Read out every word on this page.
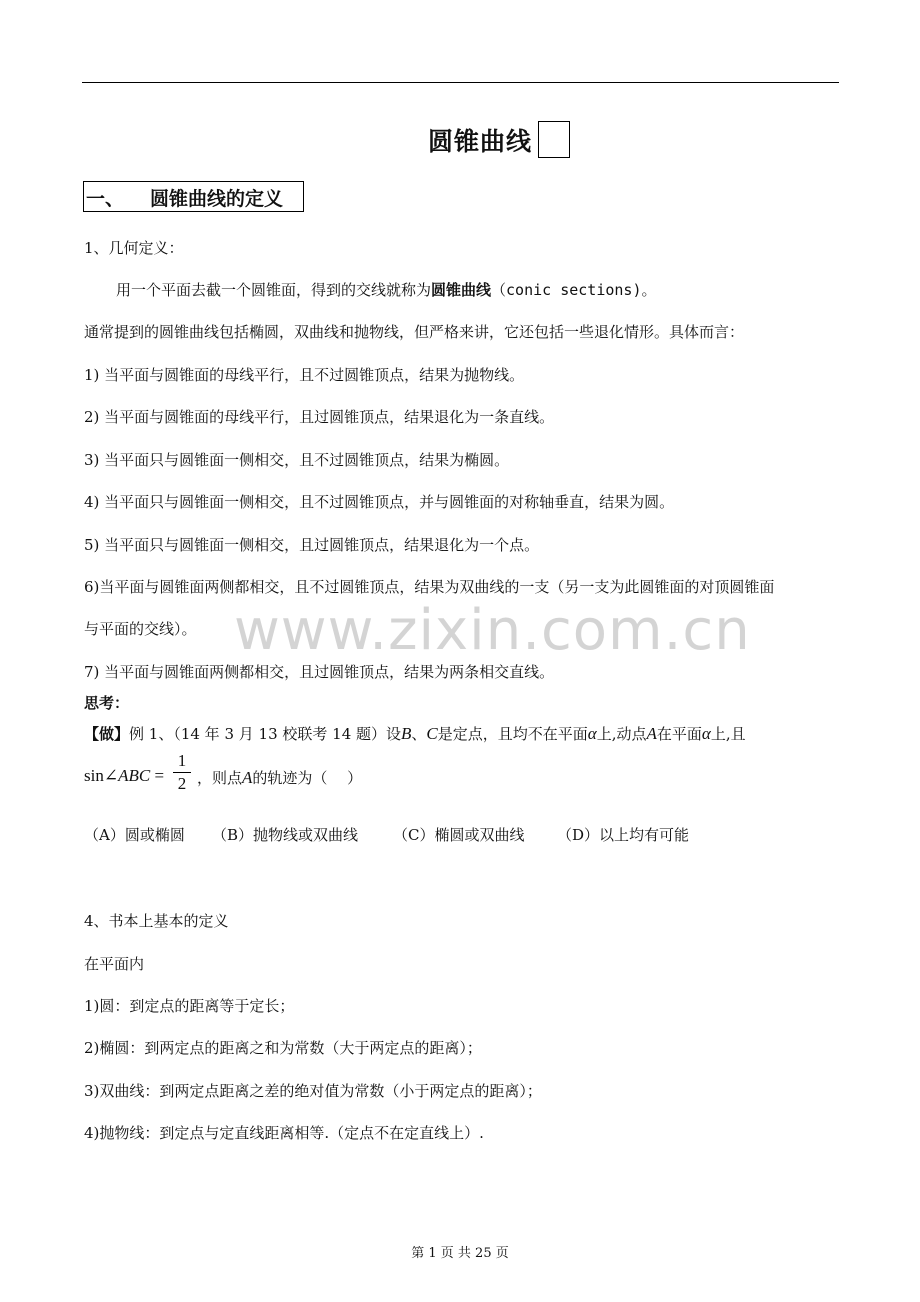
圆锥曲线
一、 圆锥曲线的定义
1、几何定义：
用一个平面去截一个圆锥面，得到的交线就称为圆锥曲线（conic sections)。
通常提到的圆锥曲线包括椭圆，双曲线和抛物线，但严格来讲，它还包括一些退化情形。具体而言：
1) 当平面与圆锥面的母线平行，且不过圆锥顶点，结果为抛物线。
2) 当平面与圆锥面的母线平行，且过圆锥顶点，结果退化为一条直线。
3) 当平面只与圆锥面一侧相交，且不过圆锥顶点，结果为椭圆。
4) 当平面只与圆锥面一侧相交，且不过圆锥顶点，并与圆锥面的对称轴垂直，结果为圆。
5) 当平面只与圆锥面一侧相交，且过圆锥顶点，结果退化为一个点。
6)当平面与圆锥面两侧都相交，且不过圆锥顶点，结果为双曲线的一支（另一支为此圆锥面的对顶圆锥面
与平面的交线）。 www.zixin.com.cn
7) 当平面与圆锥面两侧都相交，且过圆锥顶点，结果为两条相交直线。
思考：
【做】例 1、（14 年 3 月 13 校联考 14 题）设B、C是定点，且均不在平面α上,动点A在平面α上,且
sin∠ABC =
1
2 ，则点A的轨迹为（　 ）
（A）圆或椭圆 （B）抛物线或双曲线 （C）椭圆或双曲线 （D）以上均有可能
4、书本上基本的定义
在平面内
1)圆：到定点的距离等于定长；
2)椭圆：到两定点的距离之和为常数（大于两定点的距离）；
3)双曲线：到两定点距离之差的绝对值为常数（小于两定点的距离）；
4)抛物线：到定点与定直线距离相等.（定点不在定直线上）.
第 1 页 共 25 页
